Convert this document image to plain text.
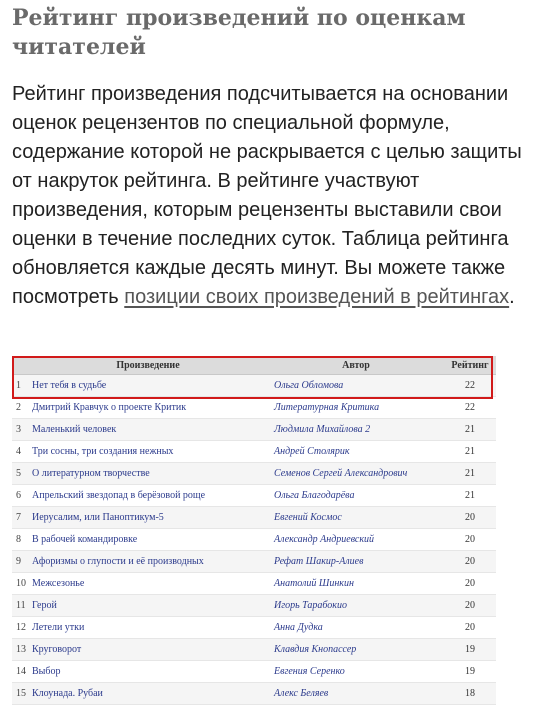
Рейтинг произведений по оценкам читателей

Рейтинг произведения подсчитывается на основании оценок рецензентов по специальной формуле, содержание которой не раскрывается с целью защиты от накруток рейтинга. В рейтинге участвуют произведения, которым рецензенты выставили свои оценки в течение последних суток. Таблица рейтинга обновляется каждые десять минут. Вы можете также посмотреть позиции своих произведений в рейтингах.

	Произведение	Автор	Рейтинг
1	Нет тебя в судьбе	Ольга Обломова	22
2	Дмитрий Кравчук о проекте Критик	Литературная Критика	22
3	Маленький человек	Людмила Михайлова 2	21
4	Три сосны, три создания нежных	Андрей Столярик	21
5	О литературном творчестве	Семенов Сергей Александрович	21
6	Апрельский звездопад в берёзовой роще	Ольга Благодарёва	21
7	Иерусалим, или Паноптикум-5	Евгений Космос	20
8	В рабочей командировке	Александр Андриевский	20
9	Афоризмы о глупости и её производных	Рефат Шакир-Алиев	20
10	Межсезонье	Анатолий Шинкин	20
11	Герой	Игорь Тарабокио	20
12	Летели утки	Анна Дудка	20
13	Круговорот	Клавдия Кнопассер	19
14	Выбор	Евгения Серенко	19
15	Клоунада. Рубаи	Алекс Беляев	18
